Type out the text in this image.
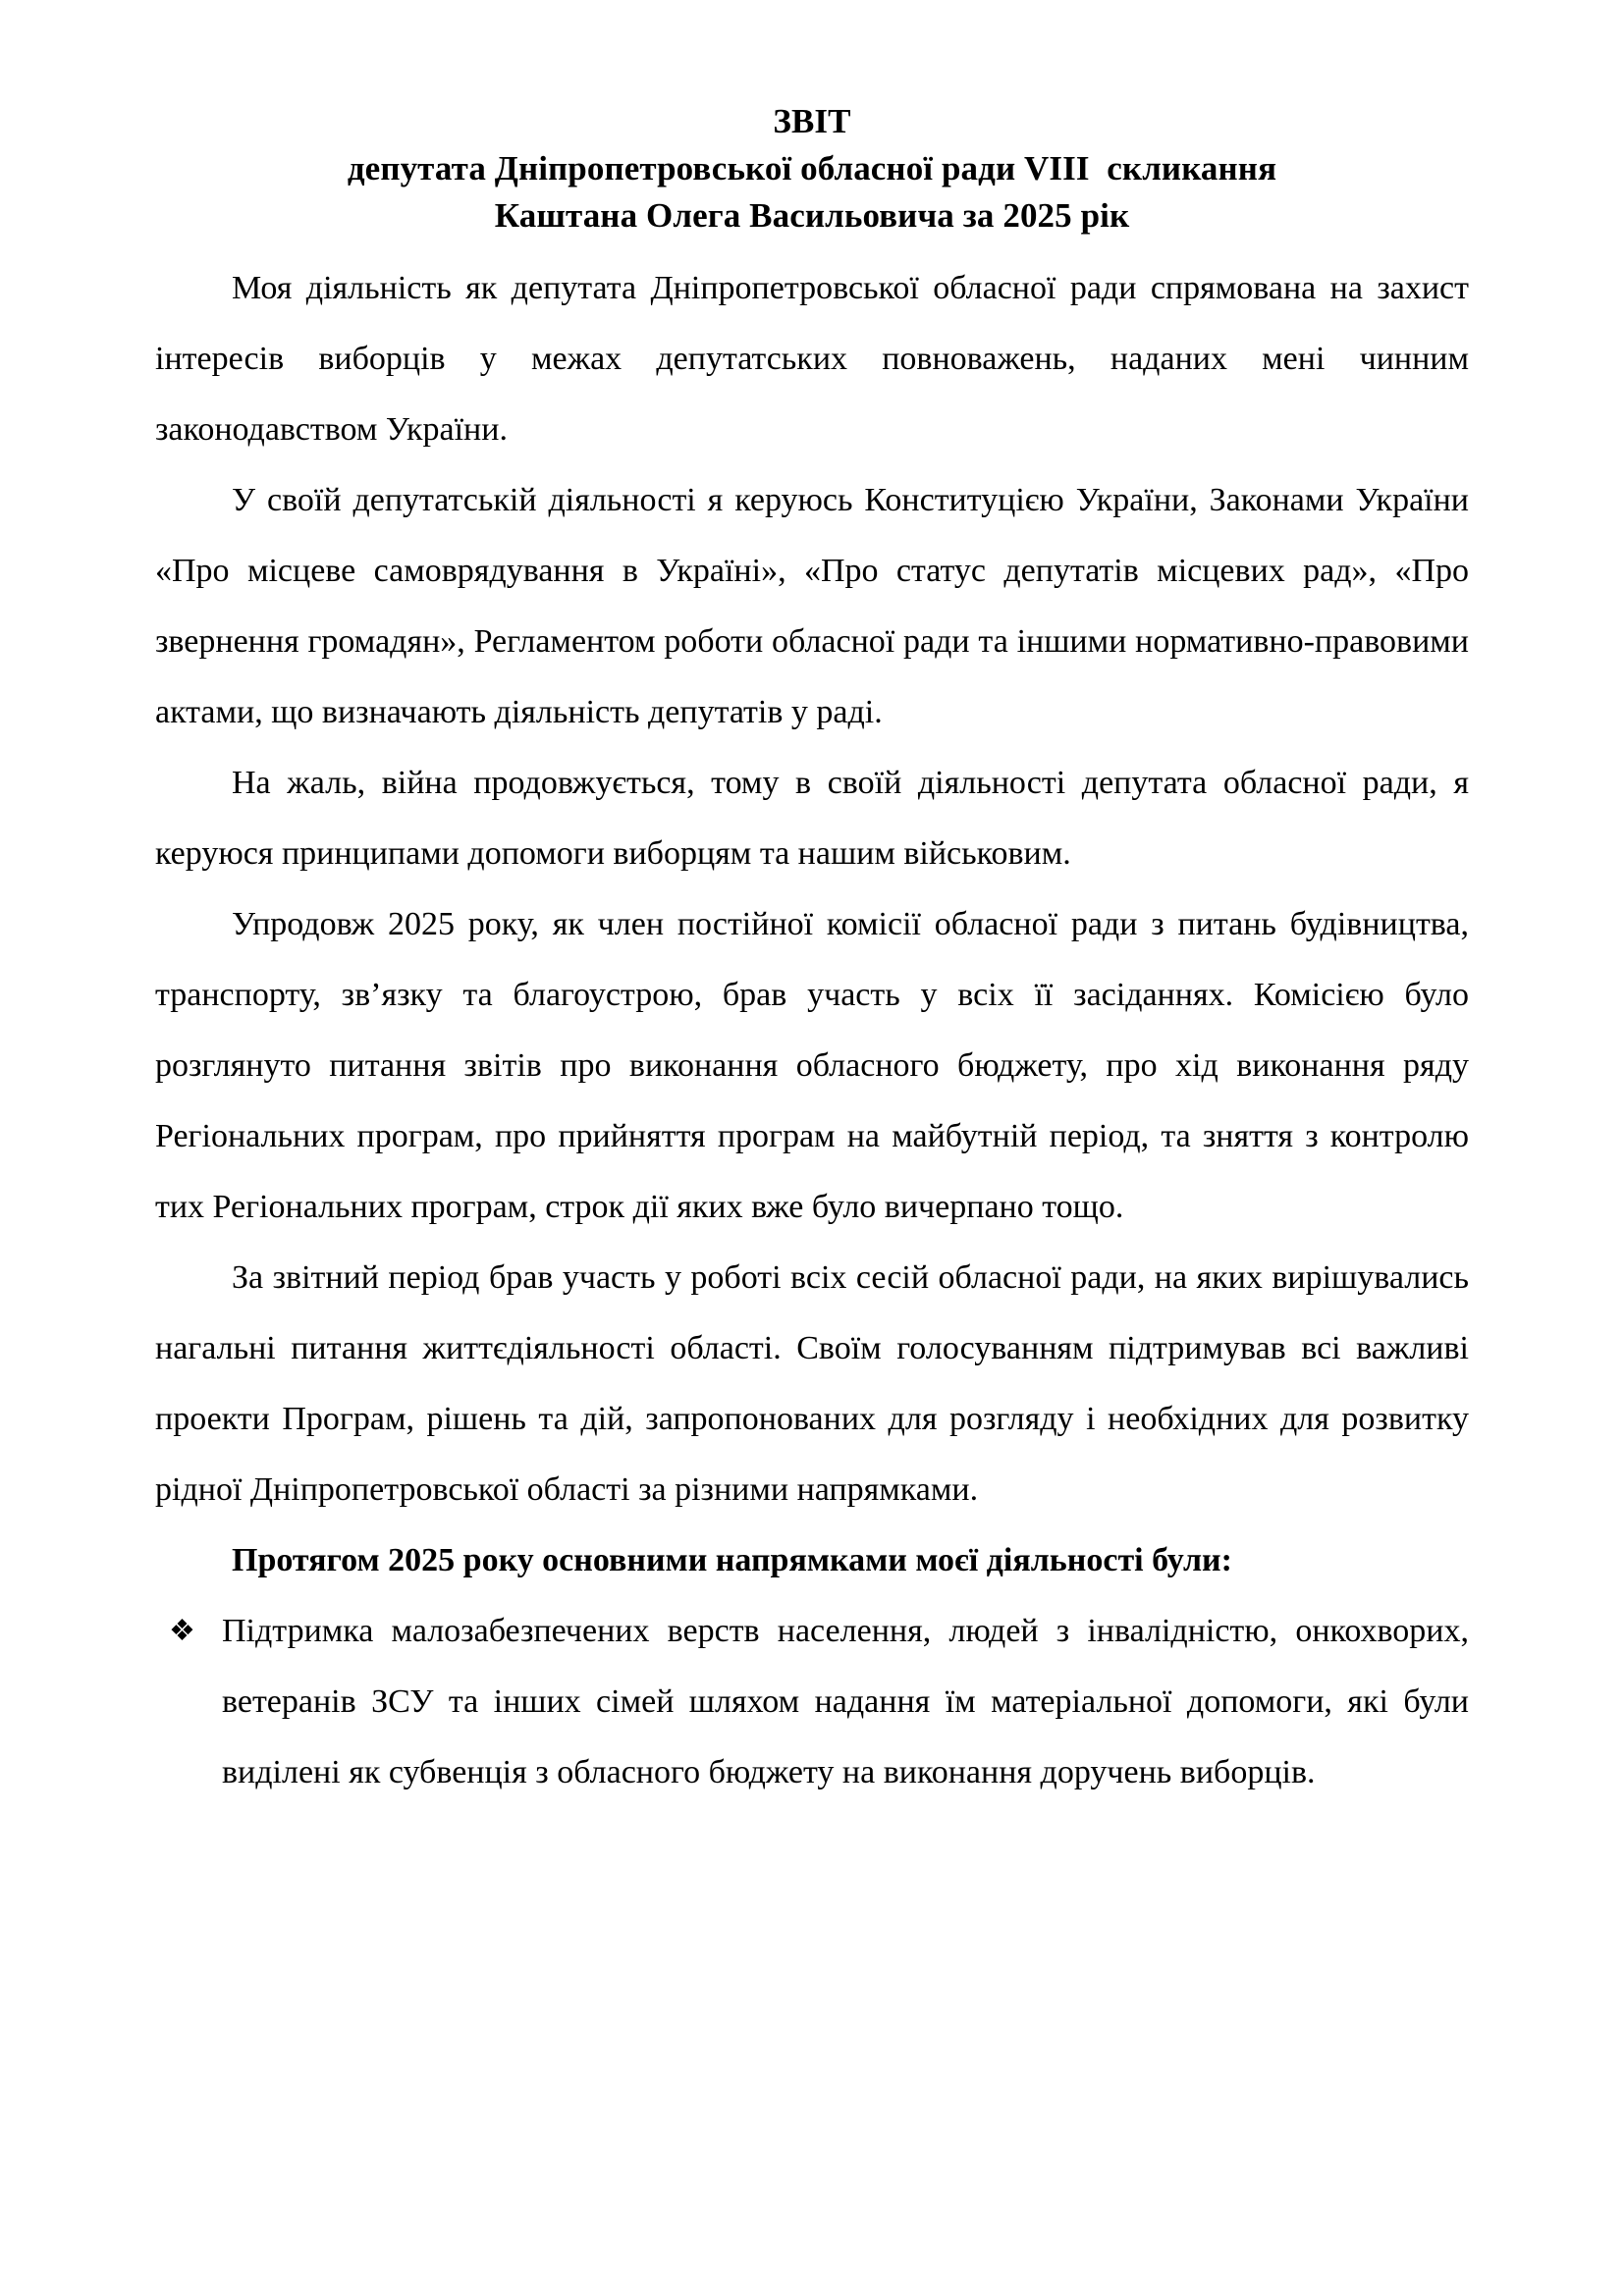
ЗВІТ
депутата Дніпропетровської обласної ради VIII  скликання
Каштана Олега Васильовича за 2025 рік

Моя діяльність як депутата Дніпропетровської обласної ради спрямована на захист інтересів виборців у межах депутатських повноважень, наданих мені чинним законодавством України.

У своїй депутатській діяльності я керуюсь Конституцією України, Законами України «Про місцеве самоврядування в Україні», «Про статус депутатів місцевих рад», «Про звернення громадян», Регламентом роботи обласної ради та іншими нормативно-правовими актами, що визначають діяльність депутатів у раді.

На жаль, війна продовжується, тому в своїй діяльності депутата обласної ради, я керуюся принципами допомоги виборцям та нашим військовим.

Упродовж 2025 року, як член постійної комісії обласної ради з питань будівництва, транспорту, зв’язку та благоустрою, брав участь у всіх її засіданнях. Комісією було розглянуто питання звітів про виконання обласного бюджету, про хід виконання ряду Регіональних програм, про прийняття програм на майбутній період, та зняття з контролю тих Регіональних програм, строк дії яких вже було вичерпано тощо.

За звітний період брав участь у роботі всіх сесій обласної ради, на яких вирішувались нагальні питання життєдіяльності області. Своїм голосуванням підтримував всі важливі проекти Програм, рішень та дій, запропонованих для розгляду і необхідних для розвитку рідної Дніпропетровської області за різними напрямками.

Протягом 2025 року основними напрямками моєї діяльності були:

❖ Підтримка малозабезпечених верств населення, людей з інвалідністю, онкохворих, ветеранів ЗСУ та інших сімей шляхом надання їм матеріальної допомоги, які були виділені як субвенція з обласного бюджету на виконання доручень виборців.
